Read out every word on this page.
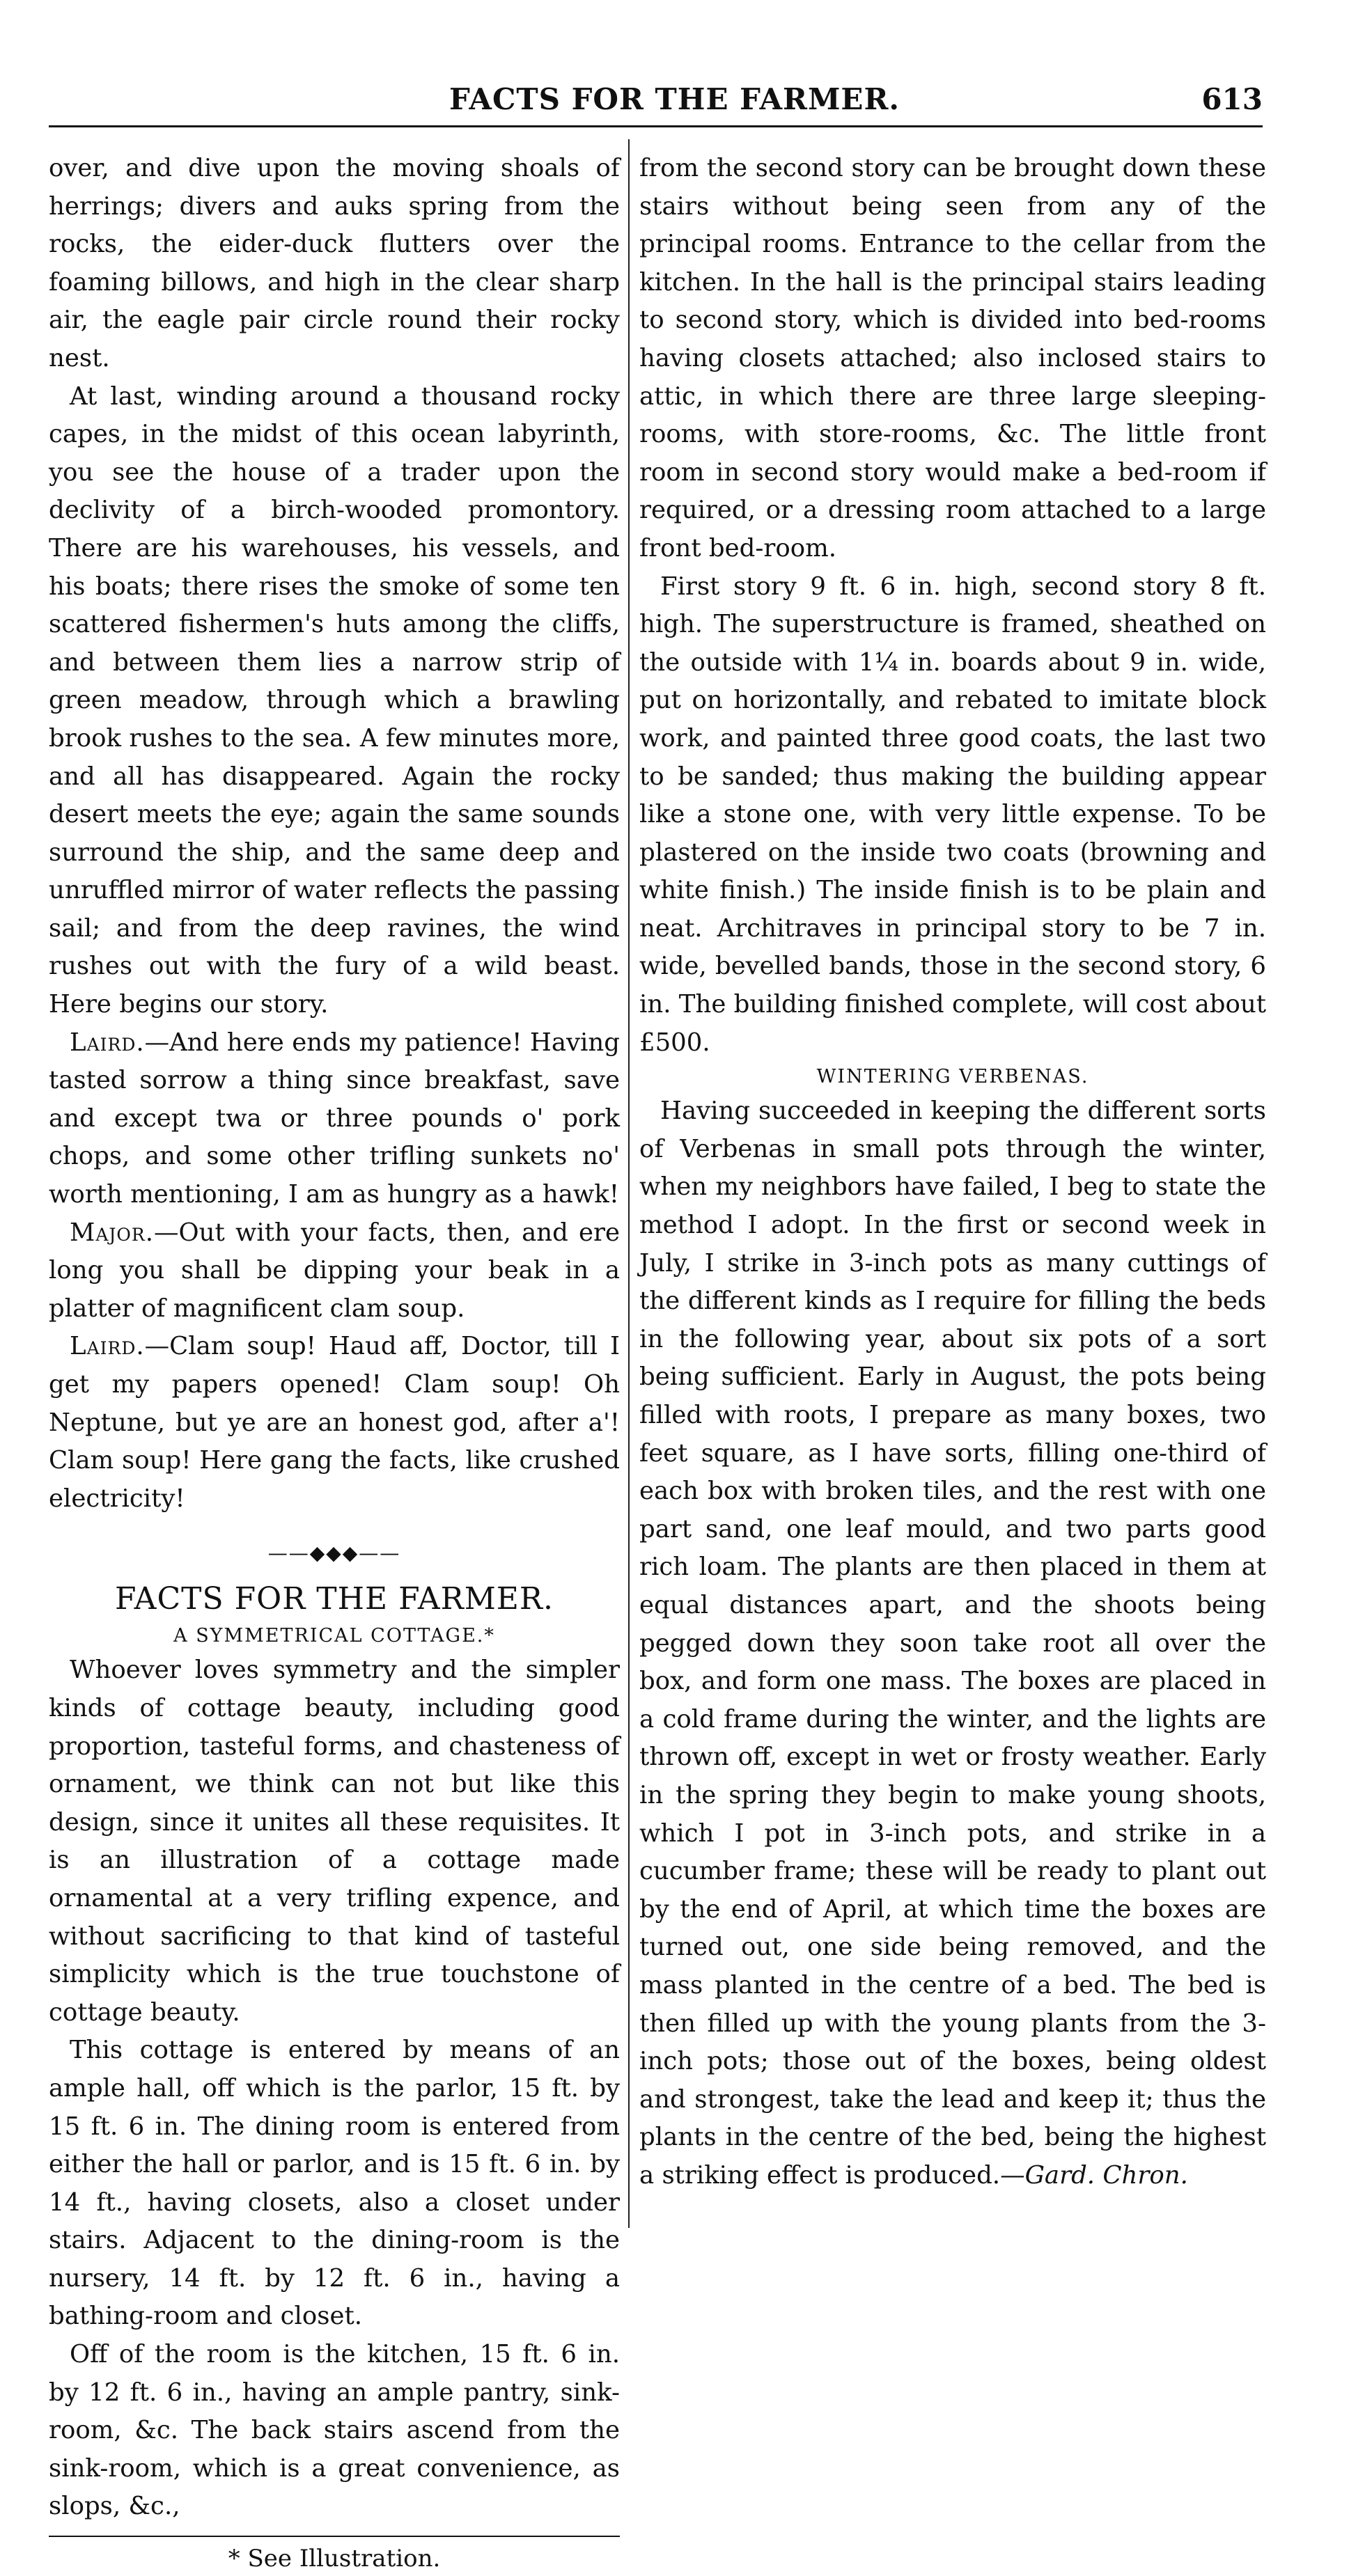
FACTS FOR THE FARMER.	613

over, and dive upon the moving shoals of herrings; divers and auks spring from the rocks, the eider-duck flutters over the foaming billows, and high in the clear sharp air, the eagle pair circle round their rocky nest.

At last, winding around a thousand rocky capes, in the midst of this ocean labyrinth, you see the house of a trader upon the declivity of a birch-wooded promontory. There are his warehouses, his vessels, and his boats; there rises the smoke of some ten scattered fishermen's huts among the cliffs, and between them lies a narrow strip of green meadow, through which a brawling brook rushes to the sea. A few minutes more, and all has disappeared. Again the rocky desert meets the eye; again the same sounds surround the ship, and the same deep and unruffled mirror of water reflects the passing sail; and from the deep ravines, the wind rushes out with the fury of a wild beast. Here begins our story.

Laird.—And here ends my patience! Having tasted sorrow a thing since breakfast, save and except twa or three pounds o' pork chops, and some other trifling sunkets no' worth mentioning, I am as hungry as a hawk!

Major.—Out with your facts, then, and ere long you shall be dipping your beak in a platter of magnificent clam soup.

Laird.—Clam soup! Haud aff, Doctor, till I get my papers opened! Clam soup! Oh Neptune, but ye are an honest god, after a'! Clam soup! Here gang the facts, like crushed electricity!

——◆◆◆——
FACTS FOR THE FARMER.
A SYMMETRICAL COTTAGE.*

Whoever loves symmetry and the simpler kinds of cottage beauty, including good proportion, tasteful forms, and chasteness of ornament, we think can not but like this design, since it unites all these requisites. It is an illustration of a cottage made ornamental at a very trifling expence, and without sacrificing to that kind of tasteful simplicity which is the true touchstone of cottage beauty.

This cottage is entered by means of an ample hall, off which is the parlor, 15 ft. by 15 ft. 6 in. The dining room is entered from either the hall or parlor, and is 15 ft. 6 in. by 14 ft., having closets, also a closet under stairs. Adjacent to the dining-room is the nursery, 14 ft. by 12 ft. 6 in., having a bathing-room and closet.

Off of the room is the kitchen, 15 ft. 6 in. by 12 ft. 6 in., having an ample pantry, sink-room, &c. The back stairs ascend from the sink-room, which is a great convenience, as slops, &c.,

* See Illustration.

from the second story can be brought down these stairs without being seen from any of the principal rooms. Entrance to the cellar from the kitchen. In the hall is the principal stairs leading to second story, which is divided into bed-rooms having closets attached; also inclosed stairs to attic, in which there are three large sleeping-rooms, with store-rooms, &c. The little front room in second story would make a bed-room if required, or a dressing room attached to a large front bed-room.

First story 9 ft. 6 in. high, second story 8 ft. high. The superstructure is framed, sheathed on the outside with 1¼ in. boards about 9 in. wide, put on horizontally, and rebated to imitate block work, and painted three good coats, the last two to be sanded; thus making the building appear like a stone one, with very little expense. To be plastered on the inside two coats (browning and white finish.) The inside finish is to be plain and neat. Architraves in principal story to be 7 in. wide, bevelled bands, those in the second story, 6 in. The building finished complete, will cost about £500.

WINTERING VERBENAS.

Having succeeded in keeping the different sorts of Verbenas in small pots through the winter, when my neighbors have failed, I beg to state the method I adopt. In the first or second week in July, I strike in 3-inch pots as many cuttings of the different kinds as I require for filling the beds in the following year, about six pots of a sort being sufficient. Early in August, the pots being filled with roots, I prepare as many boxes, two feet square, as I have sorts, filling one-third of each box with broken tiles, and the rest with one part sand, one leaf mould, and two parts good rich loam. The plants are then placed in them at equal distances apart, and the shoots being pegged down they soon take root all over the box, and form one mass. The boxes are placed in a cold frame during the winter, and the lights are thrown off, except in wet or frosty weather. Early in the spring they begin to make young shoots, which I pot in 3-inch pots, and strike in a cucumber frame; these will be ready to plant out by the end of April, at which time the boxes are turned out, one side being removed, and the mass planted in the centre of a bed. The bed is then filled up with the young plants from the 3-inch pots; those out of the boxes, being oldest and strongest, take the lead and keep it; thus the plants in the centre of the bed, being the highest a striking effect is produced.—Gard. Chron.
